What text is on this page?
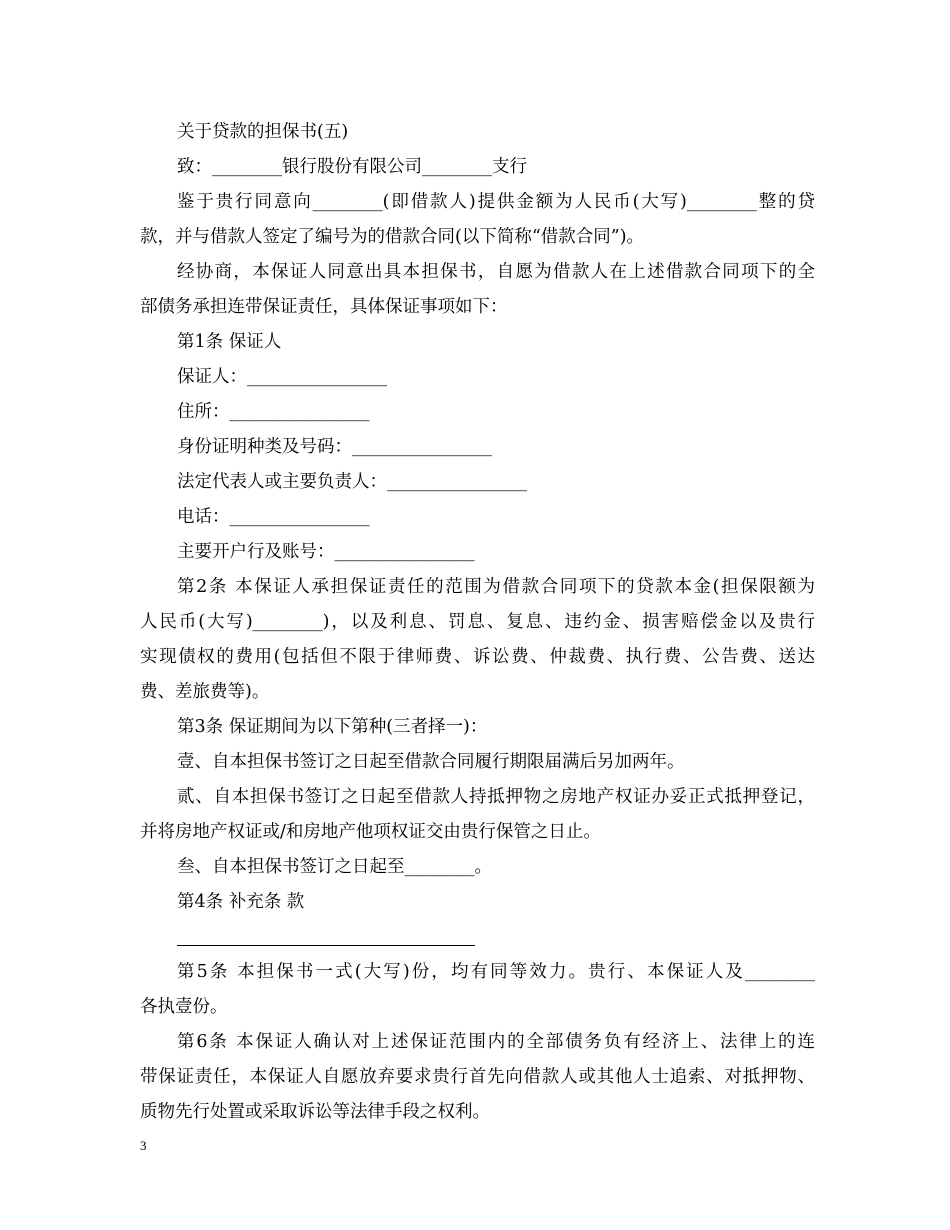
关于贷款的担保书(五)
致：________银行股份有限公司________支行
鉴于贵行同意向________(即借款人)提供金额为人民币(大写)________整的贷
款，并与借款人签定了编号为的借款合同(以下简称“借款合同”)。
经协商，本保证人同意出具本担保书，自愿为借款人在上述借款合同项下的全
部债务承担连带保证责任，具体保证事项如下：
第1条 保证人
保证人：________________
住所：________________
身份证明种类及号码：________________
法定代表人或主要负责人：________________
电话：________________
主要开户行及账号：________________
第2条 本保证人承担保证责任的范围为借款合同项下的贷款本金(担保限额为
人民币(大写)________)，以及利息、罚息、复息、违约金、损害赔偿金以及贵行
实现债权的费用(包括但不限于律师费、诉讼费、仲裁费、执行费、公告费、送达
费、差旅费等)。
第3条 保证期间为以下第种(三者择一)：
壹、自本担保书签订之日起至借款合同履行期限届满后另加两年。
贰、自本担保书签订之日起至借款人持抵押物之房地产权证办妥正式抵押登记，
并将房地产权证或/和房地产他项权证交由贵行保管之日止。
叁、自本担保书签订之日起至________。
第4条 补充条 款
第5条 本担保书一式(大写)份，均有同等效力。贵行、本保证人及________
各执壹份。
第6条 本保证人确认对上述保证范围内的全部债务负有经济上、法律上的连
带保证责任，本保证人自愿放弃要求贵行首先向借款人或其他人士追索、对抵押物、
质物先行处置或采取诉讼等法律手段之权利。
3
